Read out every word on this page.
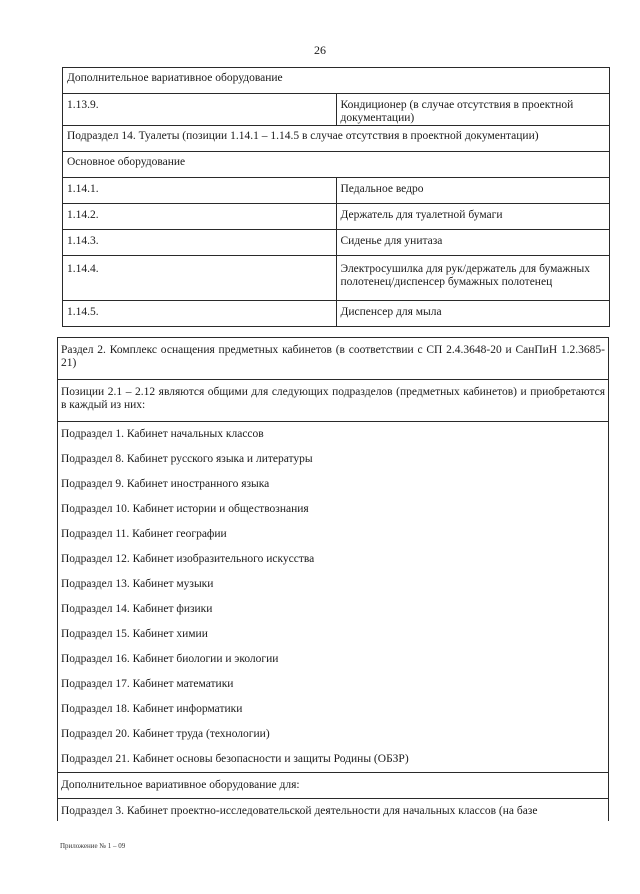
26
Дополнительное вариативное оборудование	
1.13.9.	Кондиционер (в случае отсутствия в проектной документации)
Подраздел 14. Туалеты (позиции 1.14.1 – 1.14.5 в случае отсутствия в проектной документации)	
Основное оборудование	
1.14.1.	Педальное ведро
1.14.2.	Держатель для туалетной бумаги
1.14.3.	Сиденье для унитаза
1.14.4.	Электросушилка для рук/держатель для бумажных полотенец/диспенсер бумажных полотенец
1.14.5.	Диспенсер для мыла
Раздел 2. Комплекс оснащения предметных кабинетов (в соответствии с СП 2.4.3648-20 и СанПиН 1.2.3685-21)
Позиции 2.1 – 2.12 являются общими для следующих подразделов (предметных кабинетов) и приобретаются в каждый из них:
Подраздел 1. Кабинет начальных классов
Подраздел 8. Кабинет русского языка и литературы
Подраздел 9. Кабинет иностранного языка
Подраздел 10. Кабинет истории и обществознания
Подраздел 11. Кабинет географии
Подраздел 12. Кабинет изобразительного искусства
Подраздел 13. Кабинет музыки
Подраздел 14. Кабинет физики
Подраздел 15. Кабинет химии
Подраздел 16. Кабинет биологии и экологии
Подраздел 17. Кабинет математики
Подраздел 18. Кабинет информатики
Подраздел 20. Кабинет труда (технологии)
Подраздел 21. Кабинет основы безопасности и защиты Родины (ОБЗР)
Дополнительное вариативное оборудование для:
Подраздел 3. Кабинет проектно-исследовательской деятельности для начальных классов (на базе
Приложение № 1 – 09
